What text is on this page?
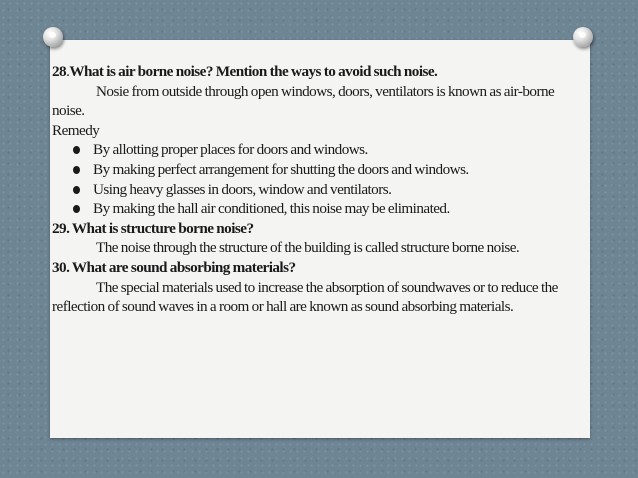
28.What is air borne noise? Mention the ways to avoid such noise.

Nosie from outside through open windows, doors, ventilators is known as air-borne noise.

Remedy

By allotting proper places for doors and windows.
By making perfect arrangement for shutting the doors and windows.
Using heavy glasses in doors, window and ventilators.
By making the hall air conditioned, this noise may be eliminated.

29. What is structure borne noise?

The noise through the structure of the building is called structure borne noise.

30. What are sound absorbing materials?

The special materials used to increase the absorption of soundwaves or to reduce the reflection of sound waves in a room or hall are known as sound absorbing materials.
